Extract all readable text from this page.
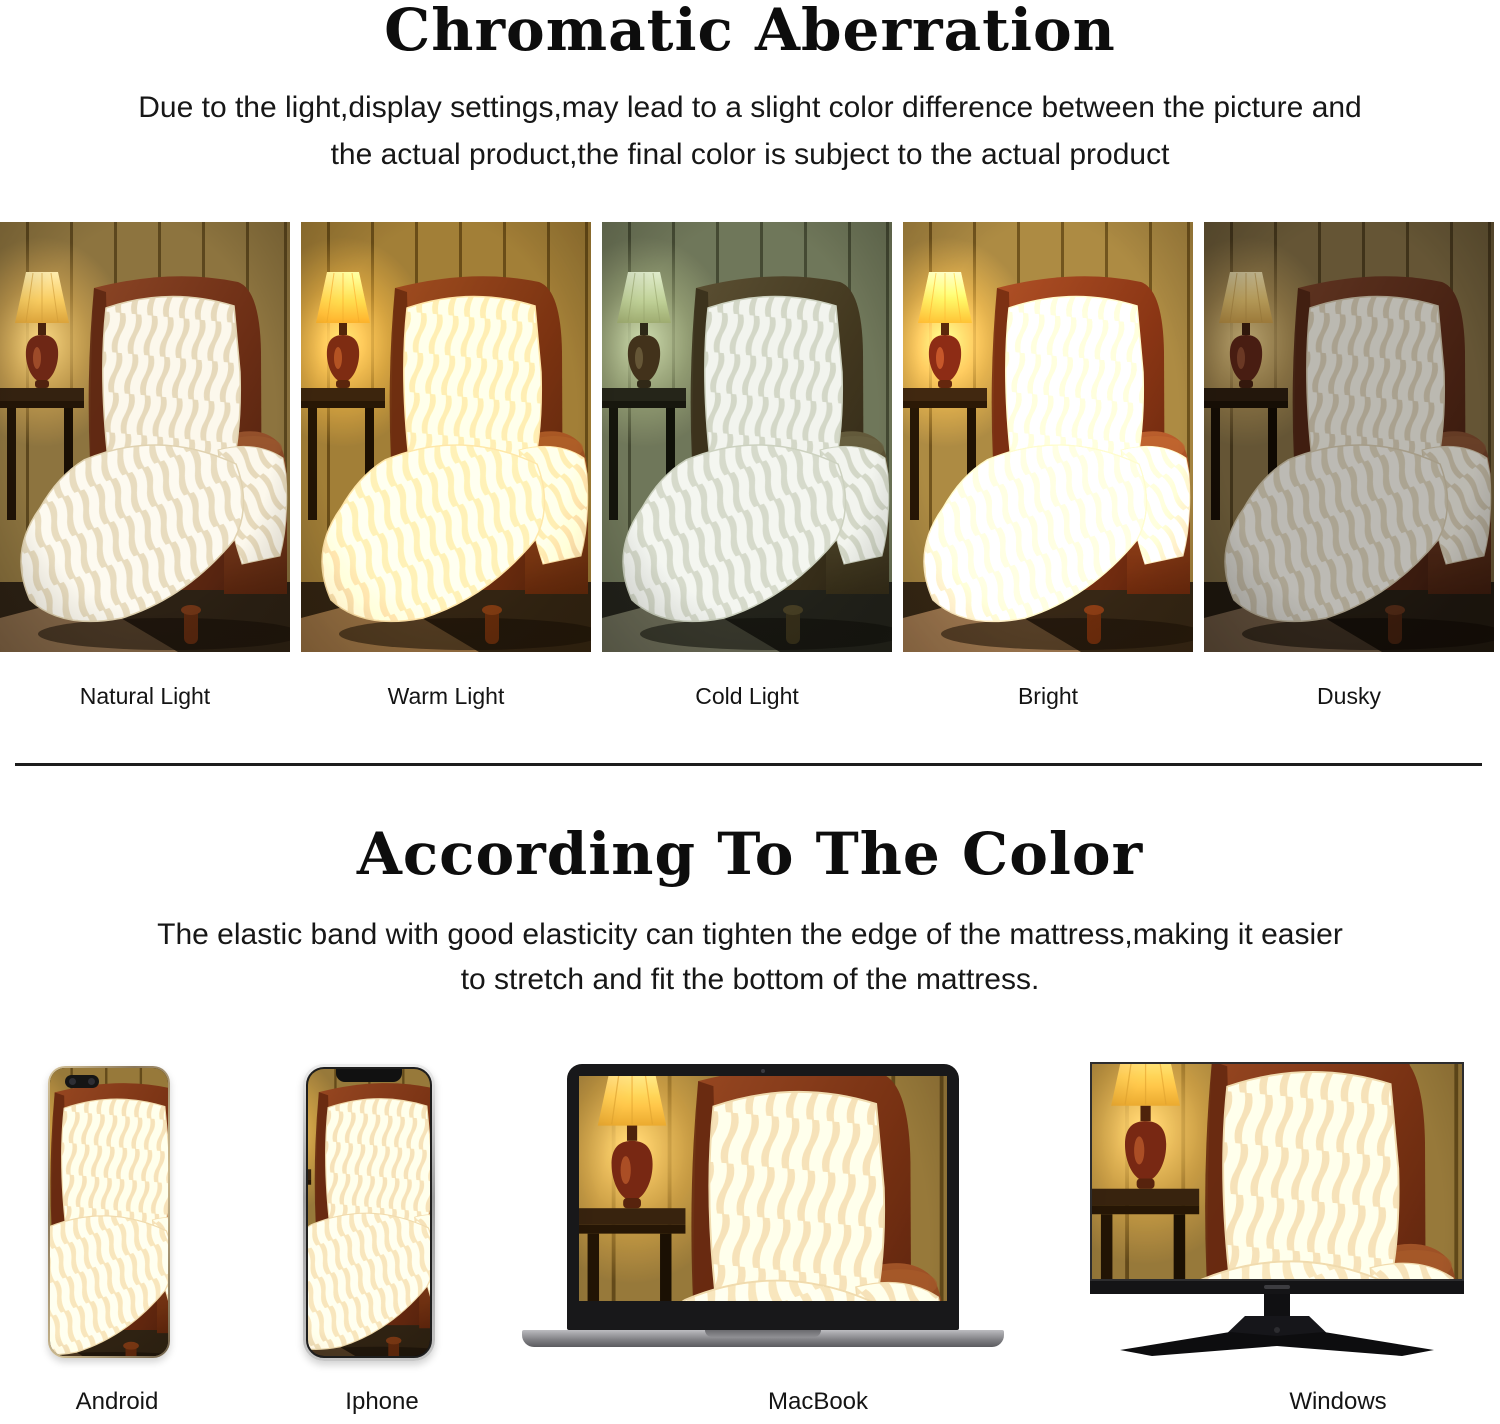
Chromatic Aberration
Due to the light,display settings,may lead to a slight color difference between the picture and
the actual product,the final color is subject to the actual product
Natural Light	Warm Light	Cold Light	Bright	Dusky
According To The Color
The elastic band with good elasticity can tighten the edge of the mattress,making it easier
to stretch and fit the bottom of the mattress.
Android	Iphone	MacBook	Windows
